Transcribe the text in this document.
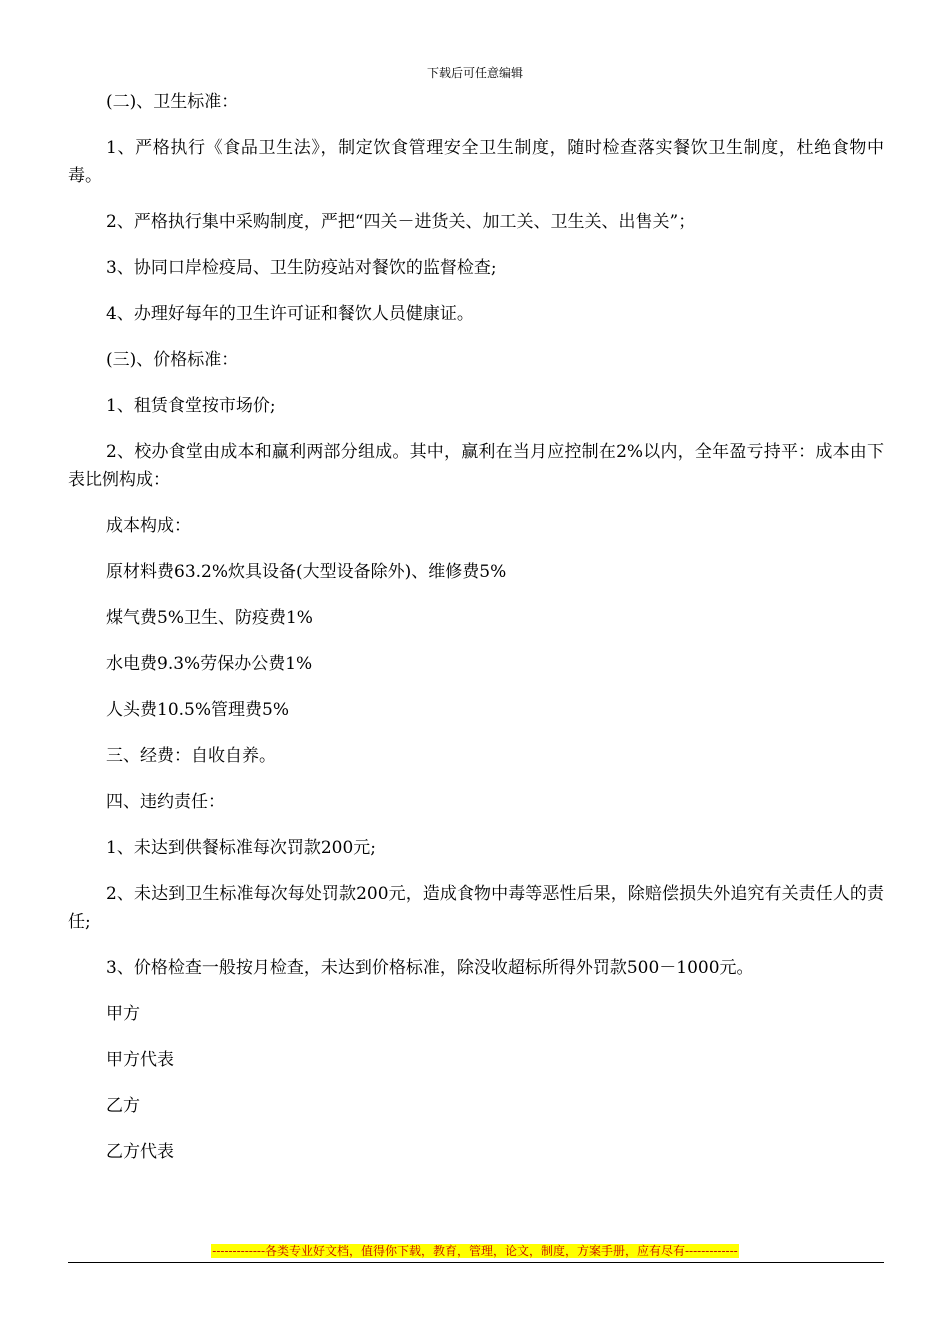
下载后可任意编辑

(二)、卫生标准：

1、严格执行《食品卫生法》，制定饮食管理安全卫生制度，随时检查落实餐饮卫生制度，杜绝食物中毒。

2、严格执行集中采购制度，严把“四关－进货关、加工关、卫生关、出售关”；

3、协同口岸检疫局、卫生防疫站对餐饮的监督检查;

4、办理好每年的卫生许可证和餐饮人员健康证。

(三)、价格标准：

1、租赁食堂按市场价;

2、校办食堂由成本和赢利两部分组成。其中，赢利在当月应控制在2%以内，全年盈亏持平：成本由下表比例构成：

成本构成：

原材料费63.2%炊具设备(大型设备除外)、维修费5%

煤气费5%卫生、防疫费1%

水电费9.3%劳保办公费1%

人头费10.5%管理费5%

三、经费：自收自养。

四、违约责任：

1、未达到供餐标准每次罚款200元;

2、未达到卫生标准每次每处罚款200元，造成食物中毒等恶性后果，除赔偿损失外追究有关责任人的责任;

3、价格检查一般按月检查，未达到价格标准，除没收超标所得外罚款500－1000元。

甲方

甲方代表

乙方

乙方代表

-------------各类专业好文档，值得你下载，教育，管理，论文，制度，方案手册，应有尽有-------------
